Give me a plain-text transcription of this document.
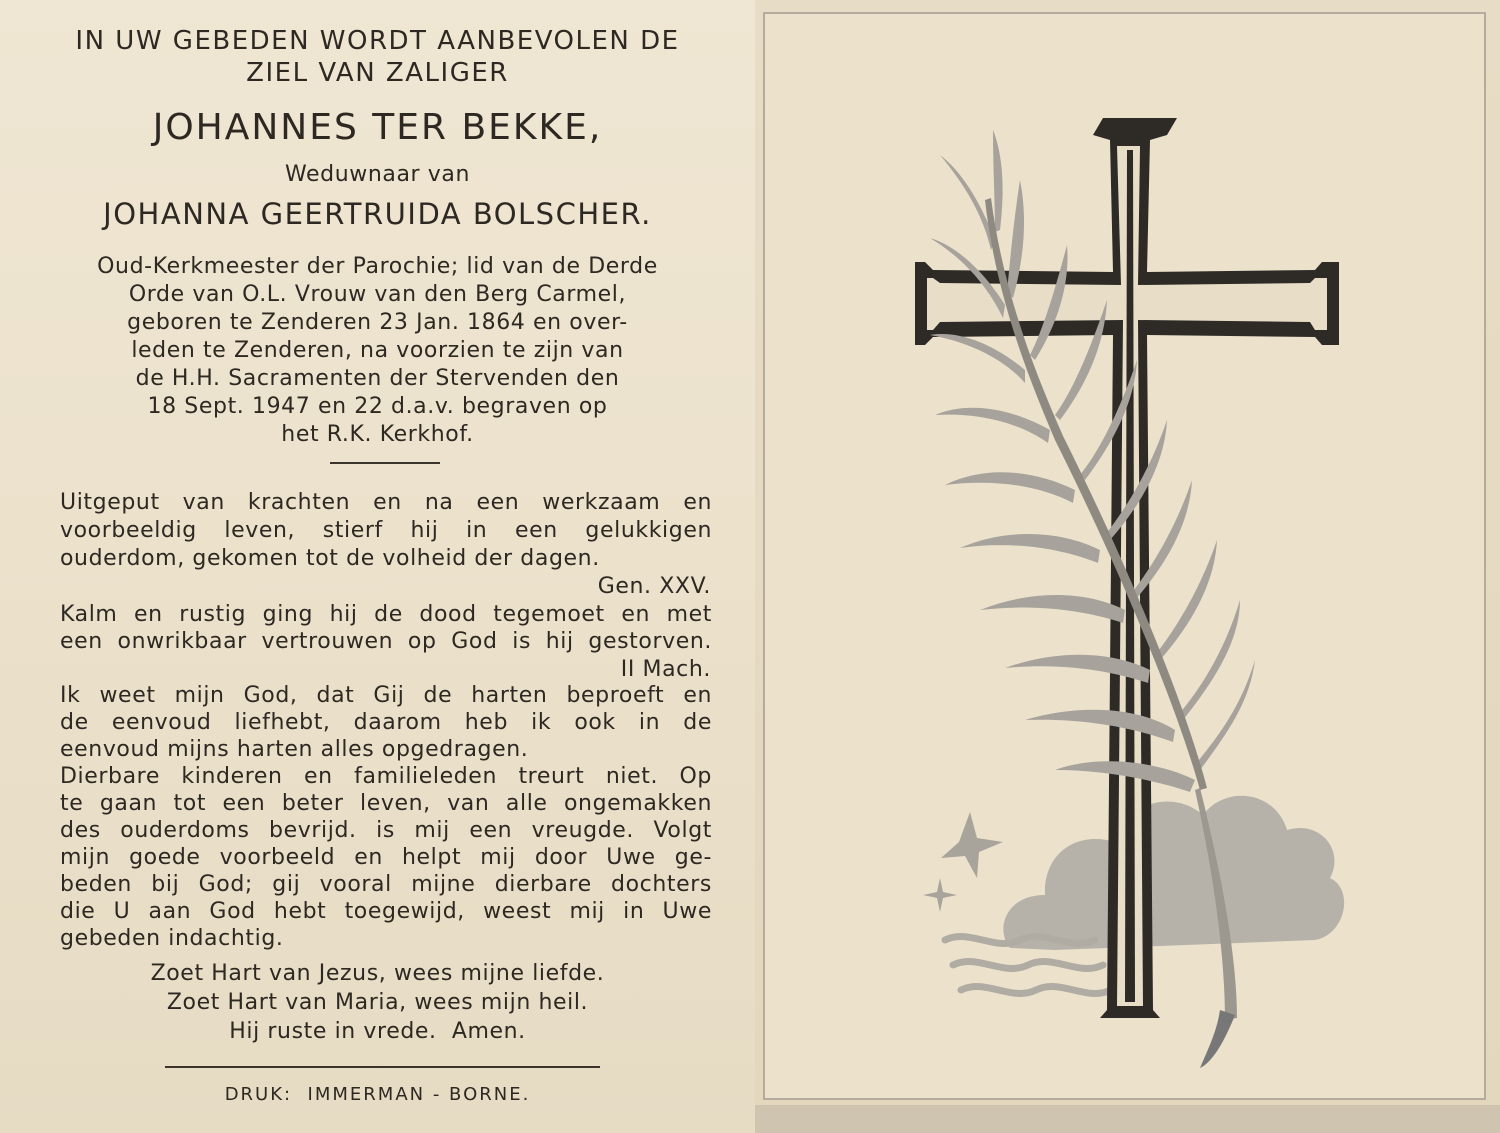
IN UW GEBEDEN WORDT AANBEVOLEN DE
ZIEL VAN ZALIGER
JOHANNES TER BEKKE,
Weduwnaar van
JOHANNA GEERTRUIDA BOLSCHER.
Oud-Kerkmeester der Parochie; lid van de Derde
Orde van O.L. Vrouw van den Berg Carmel,
geboren te Zenderen 23 Jan. 1864 en over-
leden te Zenderen, na voorzien te zijn van
de H.H. Sacramenten der Stervenden den
18 Sept. 1947 en 22 d.a.v. begraven op
het R.K. Kerkhof.
Uitgeput van krachten en na een werkzaam en
voorbeeldig leven, stierf hij in een gelukkigen
ouderdom, gekomen tot de volheid der dagen.
Gen. XXV.
Kalm en rustig ging hij de dood tegemoet en met
een onwrikbaar vertrouwen op God is hij gestorven.
II Mach.
Ik weet mijn God, dat Gij de harten beproeft en
de eenvoud liefhebt, daarom heb ik ook in de
eenvoud mijns harten alles opgedragen.
Dierbare kinderen en familieleden treurt niet. Op
te gaan tot een beter leven, van alle ongemakken
des ouderdoms bevrijd. is mij een vreugde. Volgt
mijn goede voorbeeld en helpt mij door Uwe ge-
beden bij God; gij vooral mijne dierbare dochters
die U aan God hebt toegewijd, weest mij in Uwe
gebeden indachtig.
Zoet Hart van Jezus, wees mijne liefde.
Zoet Hart van Maria, wees mijn heil.
Hij ruste in vrede.  Amen.
DRUK:  IMMERMAN - BORNE.
